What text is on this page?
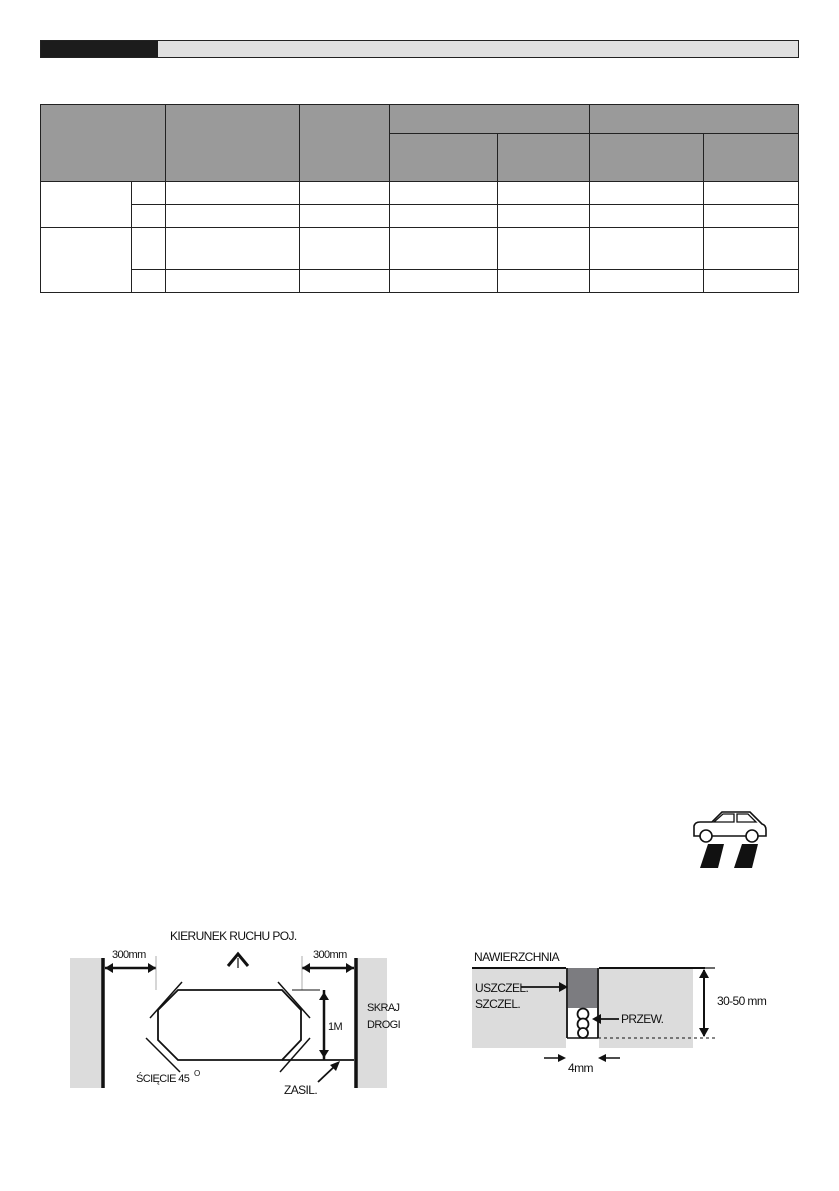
KIERUNEK RUCHU POJ.
300mm	300mm
1M
SKRAJ
DROGI
ŚCIĘCIE 45 O
ZASIL.
NAWIERZCHNIA
USZCZEL.
SZCZEL.
PRZEW.
30-50 mm
4mm
